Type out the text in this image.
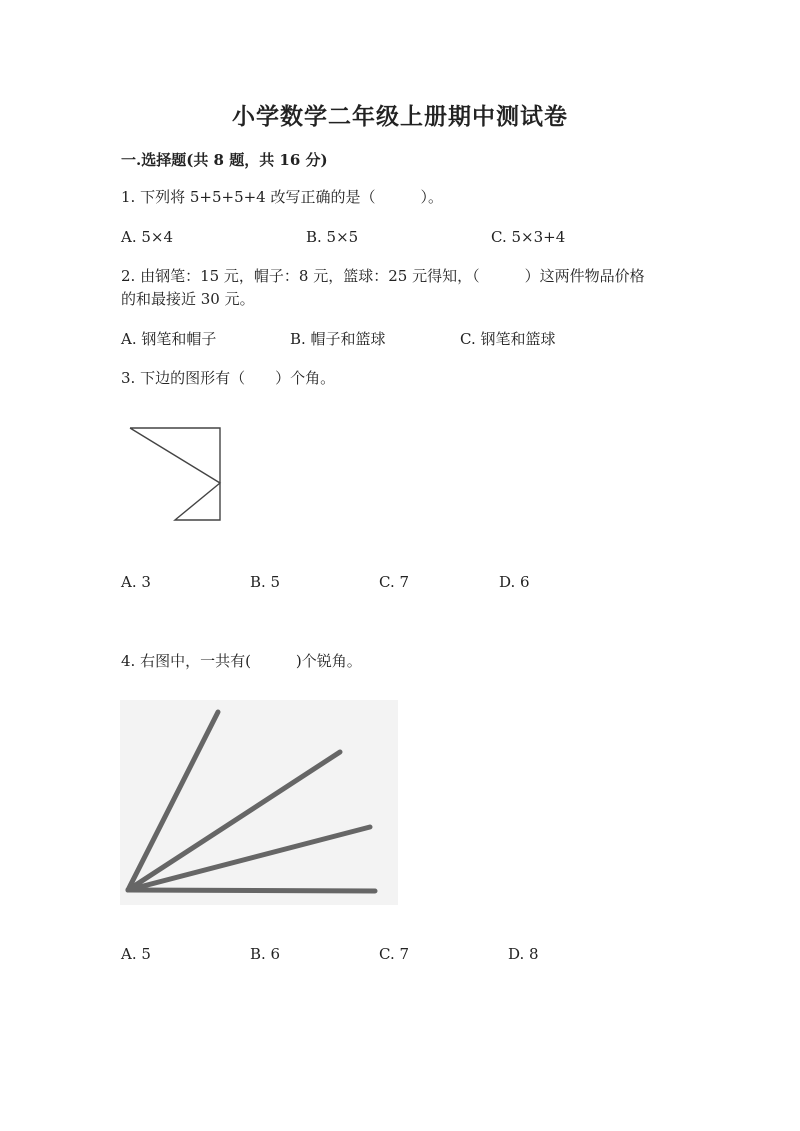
小学数学二年级上册期中测试卷
一.选择题(共 8 题，共 16 分)
1. 下列将 5+5+5+4 改写正确的是（　　　）。
A. 5×4	B. 5×5	C. 5×3+4
2. 由钢笔：15 元，帽子：8 元，篮球：25 元得知，（　　　）这两件物品价格
的和最接近 30 元。
A. 钢笔和帽子	B. 帽子和篮球	C. 钢笔和篮球
3. 下边的图形有（　　）个角。
A. 3	B. 5	C. 7	D. 6
4. 右图中，一共有(　　　)个锐角。
A. 5	B. 6	C. 7	D. 8
